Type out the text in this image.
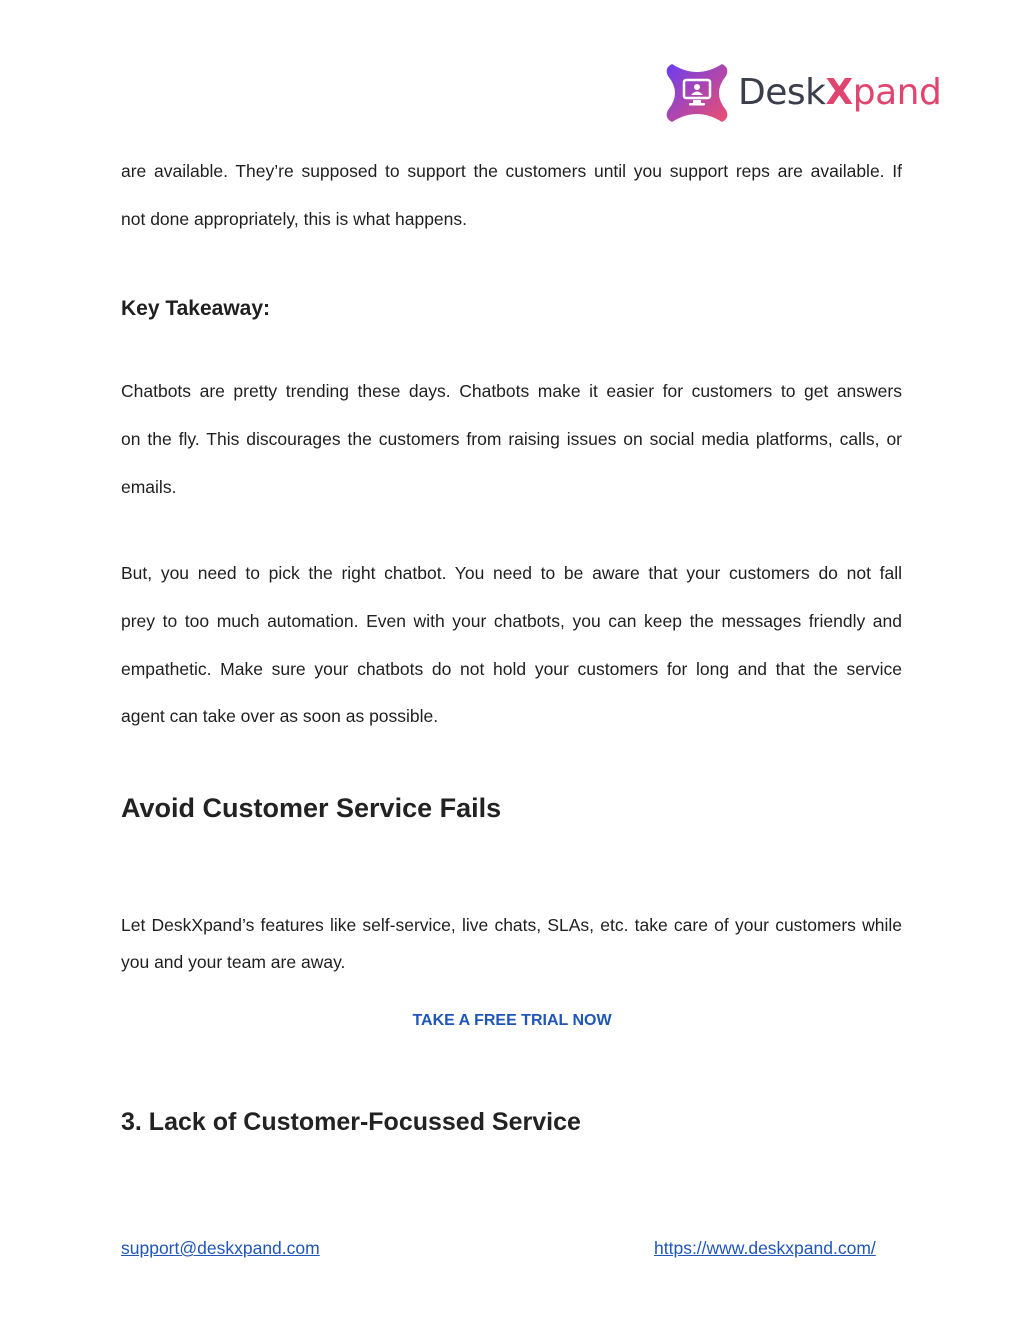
DeskXpand
are available. They’re supposed to support the customers until you support reps are available. If
not done appropriately, this is what happens.
Key Takeaway:
Chatbots are pretty trending these days. Chatbots make it easier for customers to get answers
on the fly. This discourages the customers from raising issues on social media platforms, calls, or
emails.
But, you need to pick the right chatbot. You need to be aware that your customers do not fall
prey to too much automation. Even with your chatbots, you can keep the messages friendly and
empathetic. Make sure your chatbots do not hold your customers for long and that the service
agent can take over as soon as possible.
Avoid Customer Service Fails
Let DeskXpand’s features like self-service, live chats, SLAs, etc. take care of your customers while
you and your team are away.
TAKE A FREE TRIAL NOW
3. Lack of Customer-Focussed Service
support@deskxpand.com	https://www.deskxpand.com/
